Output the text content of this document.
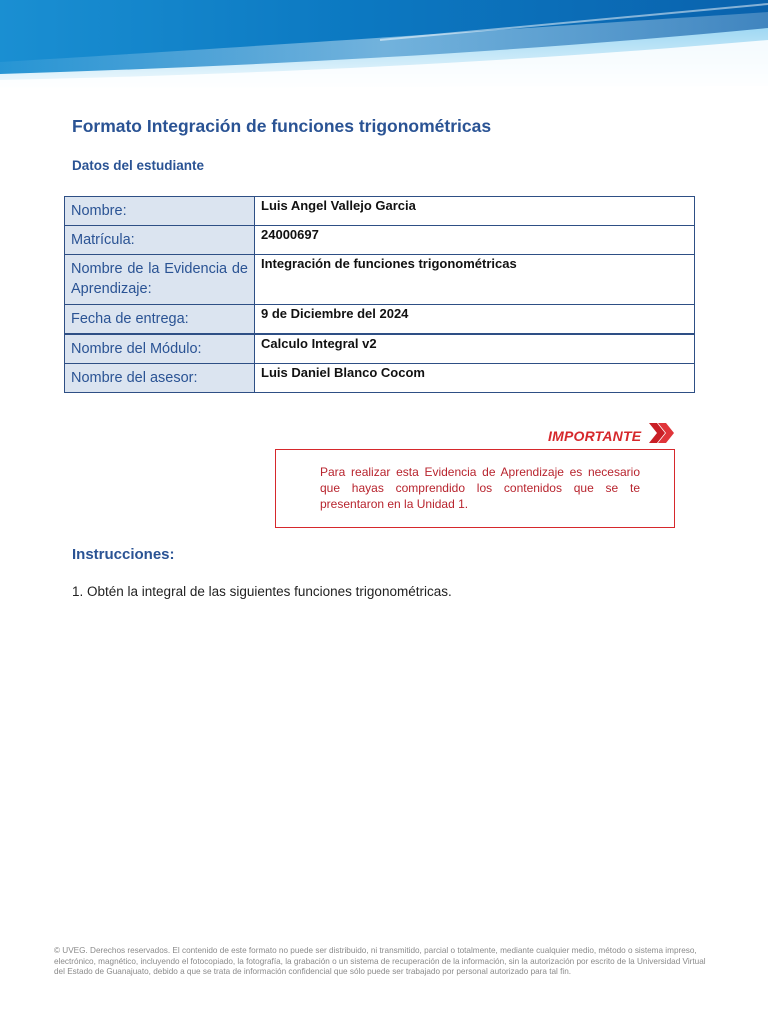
Formato Integración de funciones trigonométricas
Datos del estudiante
Nombre:	Luis Angel Vallejo Garcia
Matrícula:	24000697
Nombre de la Evidencia de Aprendizaje:	Integración de funciones trigonométricas
Fecha de entrega:	9 de Diciembre del 2024
Nombre del Módulo:	Calculo Integral v2
Nombre del asesor:	Luis Daniel Blanco Cocom
IMPORTANTE
Para realizar esta Evidencia de Aprendizaje es necesario que hayas comprendido los contenidos que se te presentaron en la Unidad 1.
Instrucciones:
1. Obtén la integral de las siguientes funciones trigonométricas.
© UVEG. Derechos reservados. El contenido de este formato no puede ser distribuido, ni transmitido, parcial o totalmente, mediante cualquier medio, método o sistema impreso, electrónico, magnético, incluyendo el fotocopiado, la fotografía, la grabación o un sistema de recuperación de la información, sin la autorización por escrito de la Universidad Virtual del Estado de Guanajuato, debido a que se trata de información confidencial que sólo puede ser trabajado por personal autorizado para tal fin.
